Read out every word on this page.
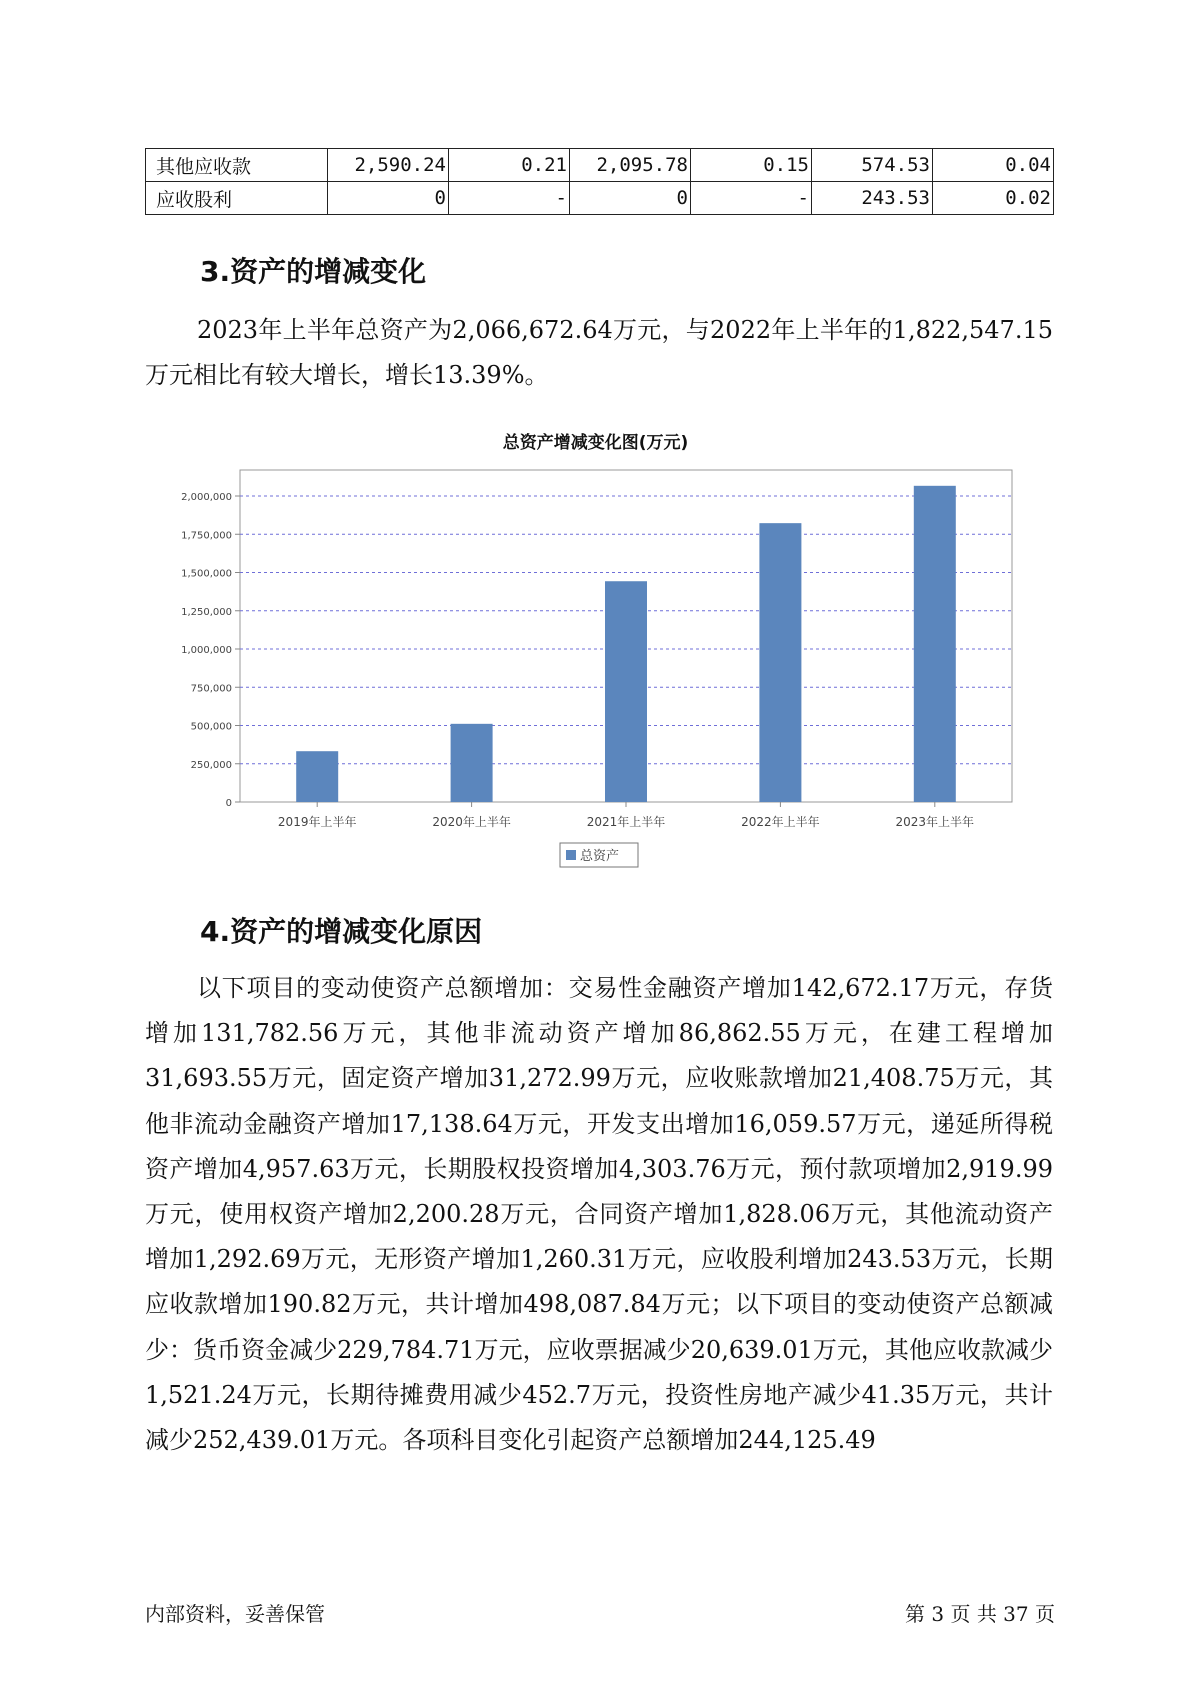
其他应收款	2,590.24	0.21	2,095.78	0.15	574.53	0.04
应收股利	0	-	0	-	243.53	0.02
3.资产的增减变化

2023年上半年总资产为2,066,672.64万元，与2022年上半年的1,822,547.15万元相比有较大增长，增长13.39%。

总资产增减变化图(万元)
0
250,000
500,000
750,000
1,000,000
1,250,000
1,500,000
1,750,000
2,000,000
2019年上半年	2020年上半年	2021年上半年	2022年上半年	2023年上半年
总资产
4.资产的增减变化原因

以下项目的变动使资产总额增加：交易性金融资产增加142,672.17万元，存货增加131,782.56万元，其他非流动资产增加86,862.55万元，在建工程增加31,693.55万元，固定资产增加31,272.99万元，应收账款增加21,408.75万元，其他非流动金融资产增加17,138.64万元，开发支出增加16,059.57万元，递延所得税资产增加4,957.63万元，长期股权投资增加4,303.76万元，预付款项增加2,919.99万元，使用权资产增加2,200.28万元，合同资产增加1,828.06万元，其他流动资产增加1,292.69万元，无形资产增加1,260.31万元，应收股利增加243.53万元，长期应收款增加190.82万元，共计增加498,087.84万元；以下项目的变动使资产总额减少：货币资金减少229,784.71万元，应收票据减少20,639.01万元，其他应收款减少1,521.24万元，长期待摊费用减少452.7万元，投资性房地产减少41.35万元，共计减少252,439.01万元。各项科目变化引起资产总额增加244,125.49

内部资料，妥善保管	第 3 页 共 37 页
